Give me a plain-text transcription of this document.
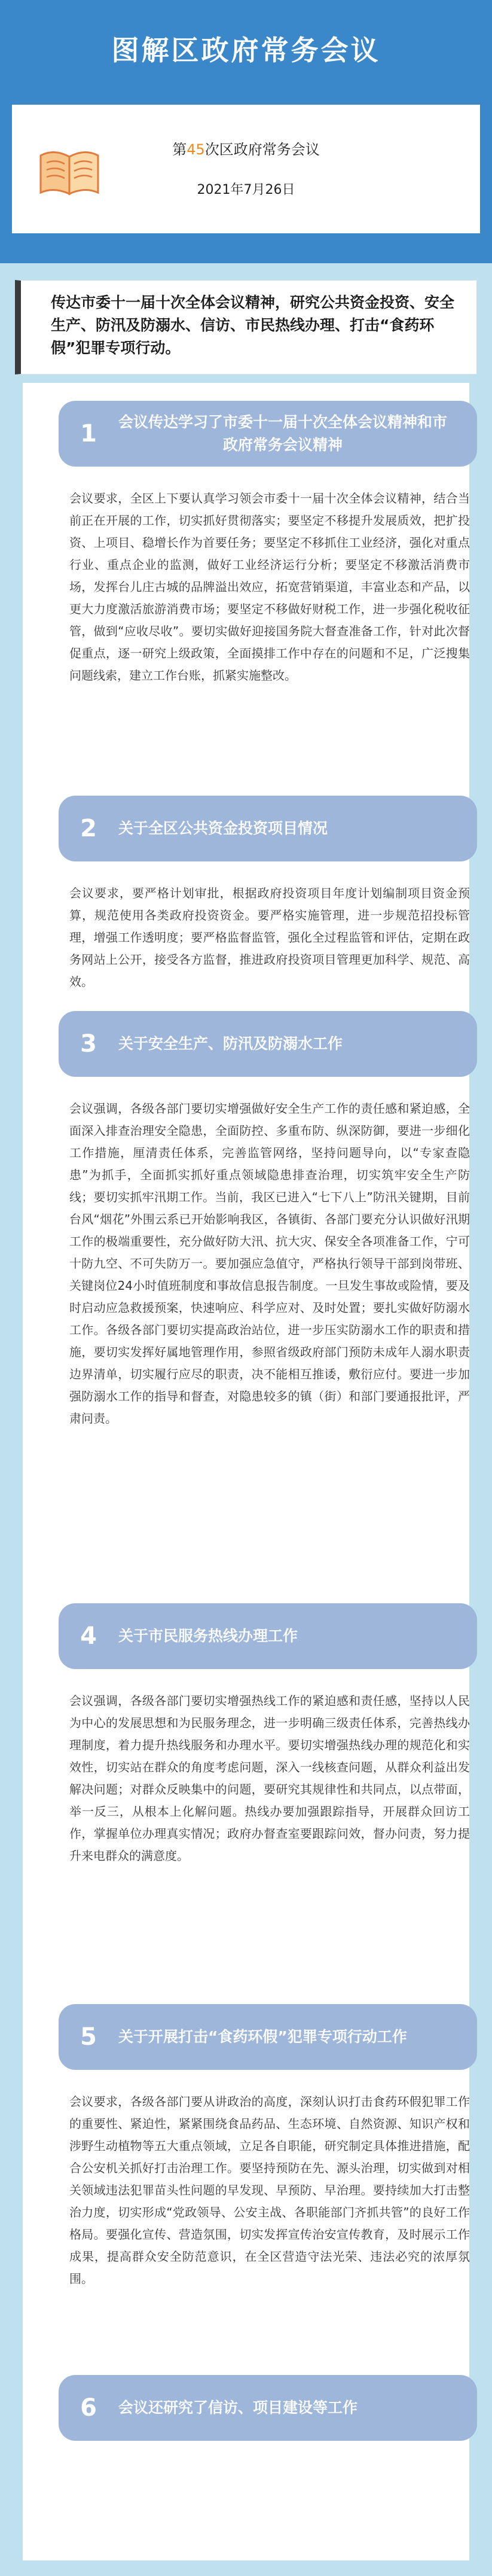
图解区政府常务会议
第45次区政府常务会议
2021年7月26日
传达市委十一届十次全体会议精神，研究公共资金投资、安全生产、防汛及防溺水、信访、市民热线办理、打击“食药环假”犯罪专项行动。
1	会议传达学习了市委十一届十次全体会议精神和市政府常务会议精神
会议要求，全区上下要认真学习领会市委十一届十次全体会议精神，结合当前正在开展的工作，切实抓好贯彻落实；要坚定不移提升发展质效，把扩投资、上项目、稳增长作为首要任务；要坚定不移抓住工业经济，强化对重点行业、重点企业的监测，做好工业经济运行分析；要坚定不移激活消费市场，发挥台儿庄古城的品牌溢出效应，拓宽营销渠道，丰富业态和产品，以更大力度激活旅游消费市场；要坚定不移做好财税工作，进一步强化税收征管，做到“应收尽收”。要切实做好迎接国务院大督查准备工作，针对此次督促重点，逐一研究上级政策，全面摸排工作中存在的问题和不足，广泛搜集问题线索，建立工作台账，抓紧实施整改。
2 关于全区公共资金投资项目情况
会议要求，要严格计划审批，根据政府投资项目年度计划编制项目资金预算，规范使用各类政府投资资金。要严格实施管理，进一步规范招投标管理，增强工作透明度；要严格监督监管，强化全过程监管和评估，定期在政务网站上公开，接受各方监督，推进政府投资项目管理更加科学、规范、高效。
3 关于安全生产、防汛及防溺水工作
会议强调，各级各部门要切实增强做好安全生产工作的责任感和紧迫感，全面深入排查治理安全隐患，全面防控、多重布防、纵深防御，要进一步细化工作措施，厘清责任体系，完善监管网络，坚持问题导向，以“专家查隐患”为抓手，全面抓实抓好重点领域隐患排查治理，切实筑牢安全生产防线；要切实抓牢汛期工作。当前，我区已进入“七下八上”防汛关键期，目前台风“烟花”外围云系已开始影响我区，各镇街、各部门要充分认识做好汛期工作的极端重要性，充分做好防大汛、抗大灾、保安全各项准备工作，宁可十防九空、不可失防万一。要加强应急值守，严格执行领导干部到岗带班、关键岗位24小时值班制度和事故信息报告制度。一旦发生事故或险情，要及时启动应急救援预案，快速响应、科学应对、及时处置；要扎实做好防溺水工作。各级各部门要切实提高政治站位，进一步压实防溺水工作的职责和措施，要切实发挥好属地管理作用，参照省级政府部门预防未成年人溺水职责边界清单，切实履行应尽的职责，决不能相互推诿，敷衍应付。要进一步加强防溺水工作的指导和督查，对隐患较多的镇（街）和部门要通报批评，严肃问责。
4 关于市民服务热线办理工作
会议强调，各级各部门要切实增强热线工作的紧迫感和责任感，坚持以人民为中心的发展思想和为民服务理念，进一步明确三级责任体系，完善热线办理制度，着力提升热线服务和办理水平。要切实增强热线办理的规范化和实效性，切实站在群众的角度考虑问题，深入一线核查问题，从群众利益出发解决问题；对群众反映集中的问题，要研究其规律性和共同点，以点带面，举一反三，从根本上化解问题。热线办要加强跟踪指导，开展群众回访工作，掌握单位办理真实情况；政府办督查室要跟踪问效，督办问责，努力提升来电群众的满意度。
5 关于开展打击“食药环假”犯罪专项行动工作
会议要求，各级各部门要从讲政治的高度，深刻认识打击食药环假犯罪工作的重要性、紧迫性，紧紧围绕食品药品、生态环境、自然资源、知识产权和涉野生动植物等五大重点领域，立足各自职能，研究制定具体推进措施，配合公安机关抓好打击治理工作。要坚持预防在先、源头治理，切实做到对相关领域违法犯罪苗头性问题的早发现、早预防、早治理。要持续加大打击整治力度，切实形成“党政领导、公安主战、各职能部门齐抓共管”的良好工作格局。要强化宣传、营造氛围，切实发挥宣传治安宣传教育，及时展示工作成果，提高群众安全防范意识，在全区营造守法光荣、违法必究的浓厚氛围。
6 会议还研究了信访、项目建设等工作
